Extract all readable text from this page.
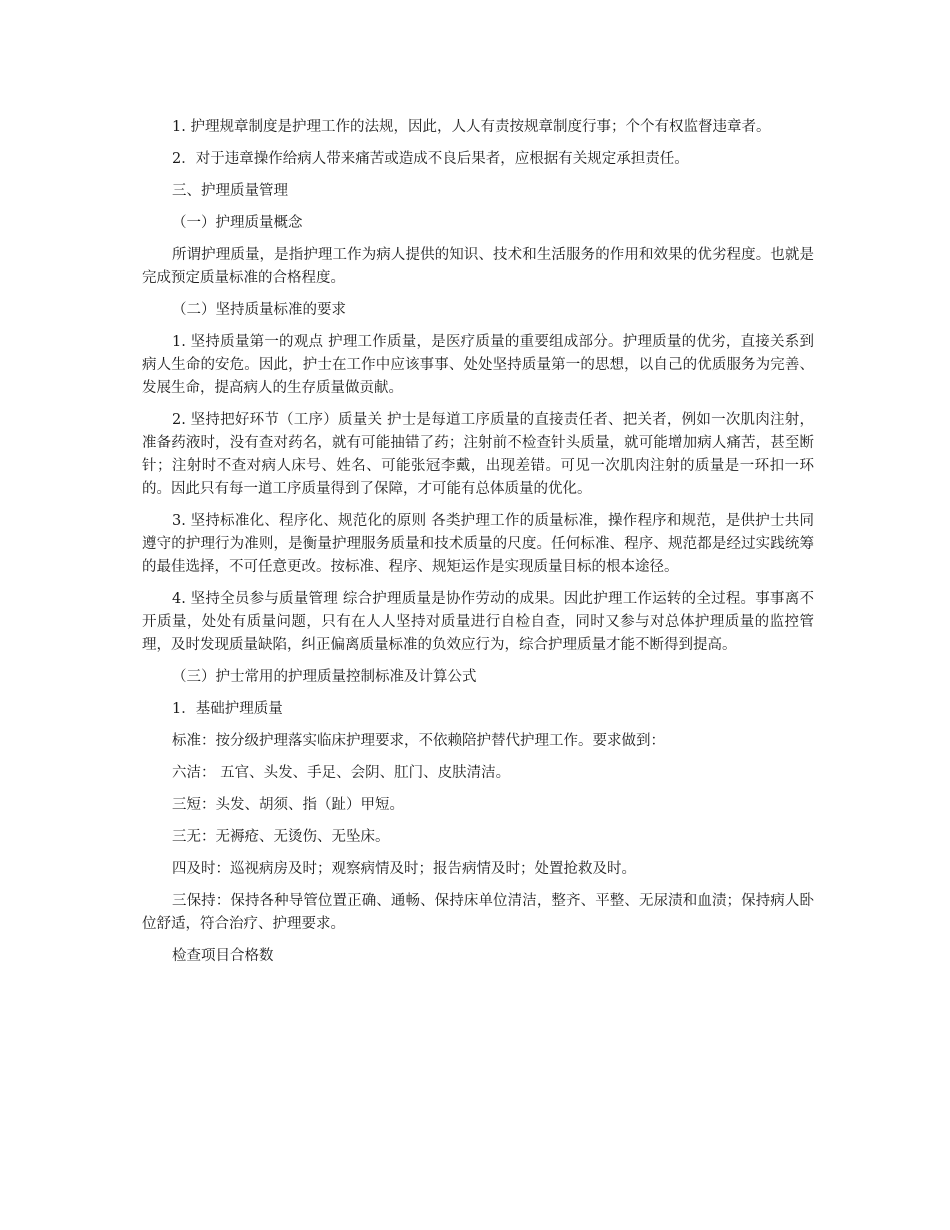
1. 护理规章制度是护理工作的法规，因此，人人有责按规章制度行事；个个有权监督违章者。

2．对于违章操作给病人带来痛苦或造成不良后果者，应根据有关规定承担责任。

三、护理质量管理

（一）护理质量概念

所谓护理质量，是指护理工作为病人提供的知识、技术和生活服务的作用和效果的优劣程度。也就是完成预定质量标准的合格程度。

（二）坚持质量标准的要求

1. 坚持质量第一的观点 护理工作质量，是医疗质量的重要组成部分。护理质量的优劣，直接关系到病人生命的安危。因此，护士在工作中应该事事、处处坚持质量第一的思想，以自己的优质服务为完善、发展生命，提高病人的生存质量做贡献。

2. 坚持把好环节（工序）质量关 护士是每道工序质量的直接责任者、把关者，例如一次肌肉注射，准备药液时，没有查对药名，就有可能抽错了药；注射前不检查针头质量，就可能增加病人痛苦，甚至断针；注射时不查对病人床号、姓名、可能张冠李戴，出现差错。可见一次肌肉注射的质量是一环扣一环的。因此只有每一道工序质量得到了保障，才可能有总体质量的优化。

3. 坚持标准化、程序化、规范化的原则 各类护理工作的质量标准，操作程序和规范，是供护士共同遵守的护理行为准则，是衡量护理服务质量和技术质量的尺度。任何标准、程序、规范都是经过实践统筹的最佳选择，不可任意更改。按标准、程序、规矩运作是实现质量目标的根本途径。

4. 坚持全员参与质量管理 综合护理质量是协作劳动的成果。因此护理工作运转的全过程。事事离不开质量，处处有质量问题，只有在人人坚持对质量进行自检自查，同时又参与对总体护理质量的监控管理，及时发现质量缺陷，纠正偏离质量标准的负效应行为，综合护理质量才能不断得到提高。

（三）护士常用的护理质量控制标准及计算公式

1．基础护理质量

标准：按分级护理落实临床护理要求，不依赖陪护替代护理工作。要求做到：

六洁： 五官、头发、手足、会阴、肛门、皮肤清洁。

三短：头发、胡须、指（趾）甲短。

三无：无褥疮、无烫伤、无坠床。

四及时：巡视病房及时；观察病情及时；报告病情及时；处置抢救及时。

三保持：保持各种导管位置正确、通畅、保持床单位清洁，整齐、平整、无尿渍和血渍；保持病人卧位舒适，符合治疗、护理要求。

检查项目合格数
